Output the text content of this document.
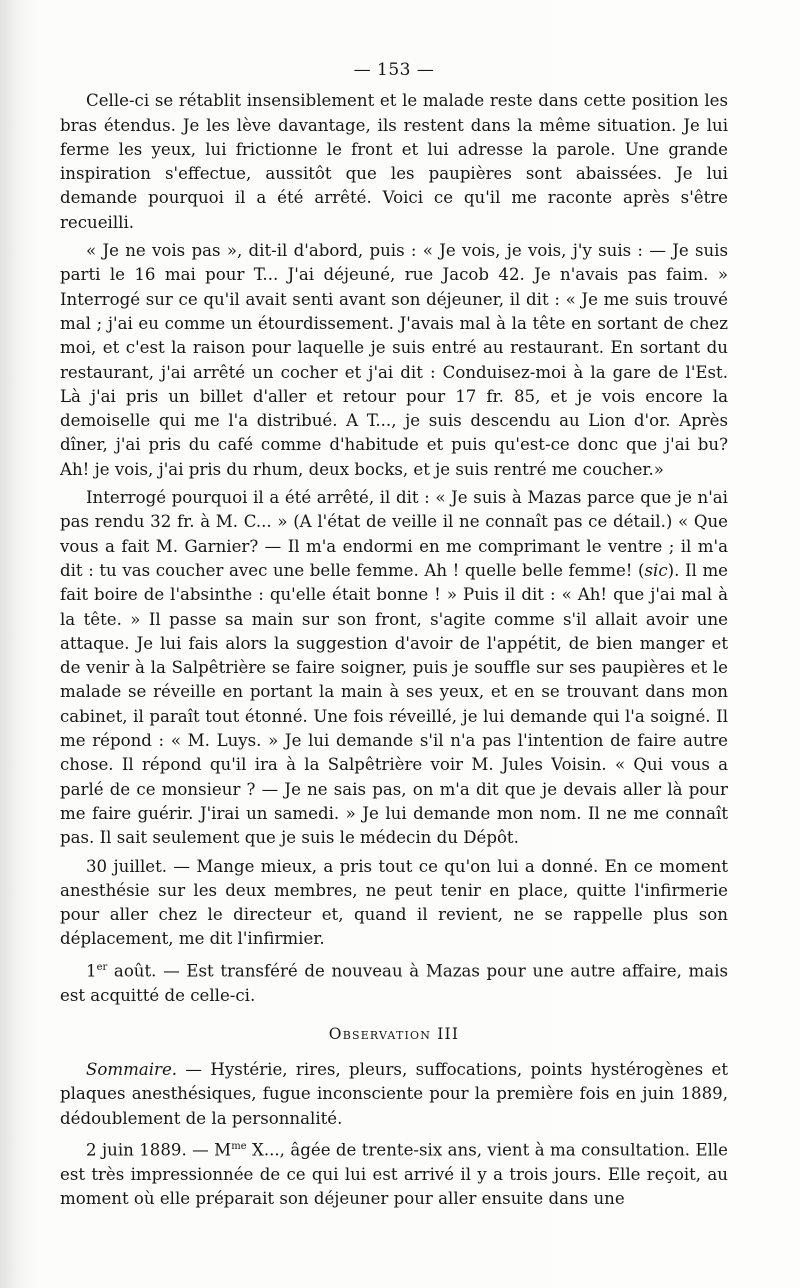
— 153 —

Celle-ci se rétablit insensiblement et le malade reste dans cette position les bras étendus. Je les lève davantage, ils restent dans la même situation. Je lui ferme les yeux, lui frictionne le front et lui adresse la parole. Une grande inspiration s'effectue, aussitôt que les paupières sont abaissées. Je lui demande pourquoi il a été arrêté. Voici ce qu'il me raconte après s'être recueilli.

« Je ne vois pas », dit-il d'abord, puis : « Je vois, je vois, j'y suis : — Je suis parti le 16 mai pour T... J'ai déjeuné, rue Jacob 42. Je n'avais pas faim. » Interrogé sur ce qu'il avait senti avant son déjeuner, il dit : « Je me suis trouvé mal ; j'ai eu comme un étourdissement. J'avais mal à la tête en sortant de chez moi, et c'est la raison pour laquelle je suis entré au restaurant. En sortant du restaurant, j'ai arrêté un cocher et j'ai dit : Conduisez-moi à la gare de l'Est. Là j'ai pris un billet d'aller et retour pour 17 fr. 85, et je vois encore la demoiselle qui me l'a distribué. A T..., je suis descendu au Lion d'or. Après dîner, j'ai pris du café comme d'habitude et puis qu'est-ce donc que j'ai bu? Ah! je vois, j'ai pris du rhum, deux bocks, et je suis rentré me coucher.»

Interrogé pourquoi il a été arrêté, il dit : « Je suis à Mazas parce que je n'ai pas rendu 32 fr. à M. C... » (A l'état de veille il ne connaît pas ce détail.) « Que vous a fait M. Garnier? — Il m'a endormi en me comprimant le ventre ; il m'a dit : tu vas coucher avec une belle femme. Ah ! quelle belle femme! (sic). Il me fait boire de l'absinthe : qu'elle était bonne ! » Puis il dit : « Ah! que j'ai mal à la tête. » Il passe sa main sur son front, s'agite comme s'il allait avoir une attaque. Je lui fais alors la suggestion d'avoir de l'appétit, de bien manger et de venir à la Salpêtrière se faire soigner, puis je souffle sur ses paupières et le malade se réveille en portant la main à ses yeux, et en se trouvant dans mon cabinet, il paraît tout étonné. Une fois réveillé, je lui demande qui l'a soigné. Il me répond : « M. Luys. » Je lui demande s'il n'a pas l'intention de faire autre chose. Il répond qu'il ira à la Salpêtrière voir M. Jules Voisin. « Qui vous a parlé de ce monsieur ? — Je ne sais pas, on m'a dit que je devais aller là pour me faire guérir. J'irai un samedi. » Je lui demande mon nom. Il ne me connaît pas. Il sait seulement que je suis le médecin du Dépôt.

30 juillet. — Mange mieux, a pris tout ce qu'on lui a donné. En ce moment anesthésie sur les deux membres, ne peut tenir en place, quitte l'infirmerie pour aller chez le directeur et, quand il revient, ne se rappelle plus son déplacement, me dit l'infirmier.

1er août. — Est transféré de nouveau à Mazas pour une autre affaire, mais est acquitté de celle-ci.

Observation III

Sommaire. — Hystérie, rires, pleurs, suffocations, points hystérogènes et plaques anesthésiques, fugue inconsciente pour la première fois en juin 1889, dédoublement de la personnalité.

2 juin 1889. — $M^{me}$ X..., âgée de trente-six ans, vient à ma consultation. Elle est très impressionnée de ce qui lui est arrivé il y a trois jours. Elle reçoit, au moment où elle préparait son déjeuner pour aller ensuite dans une
